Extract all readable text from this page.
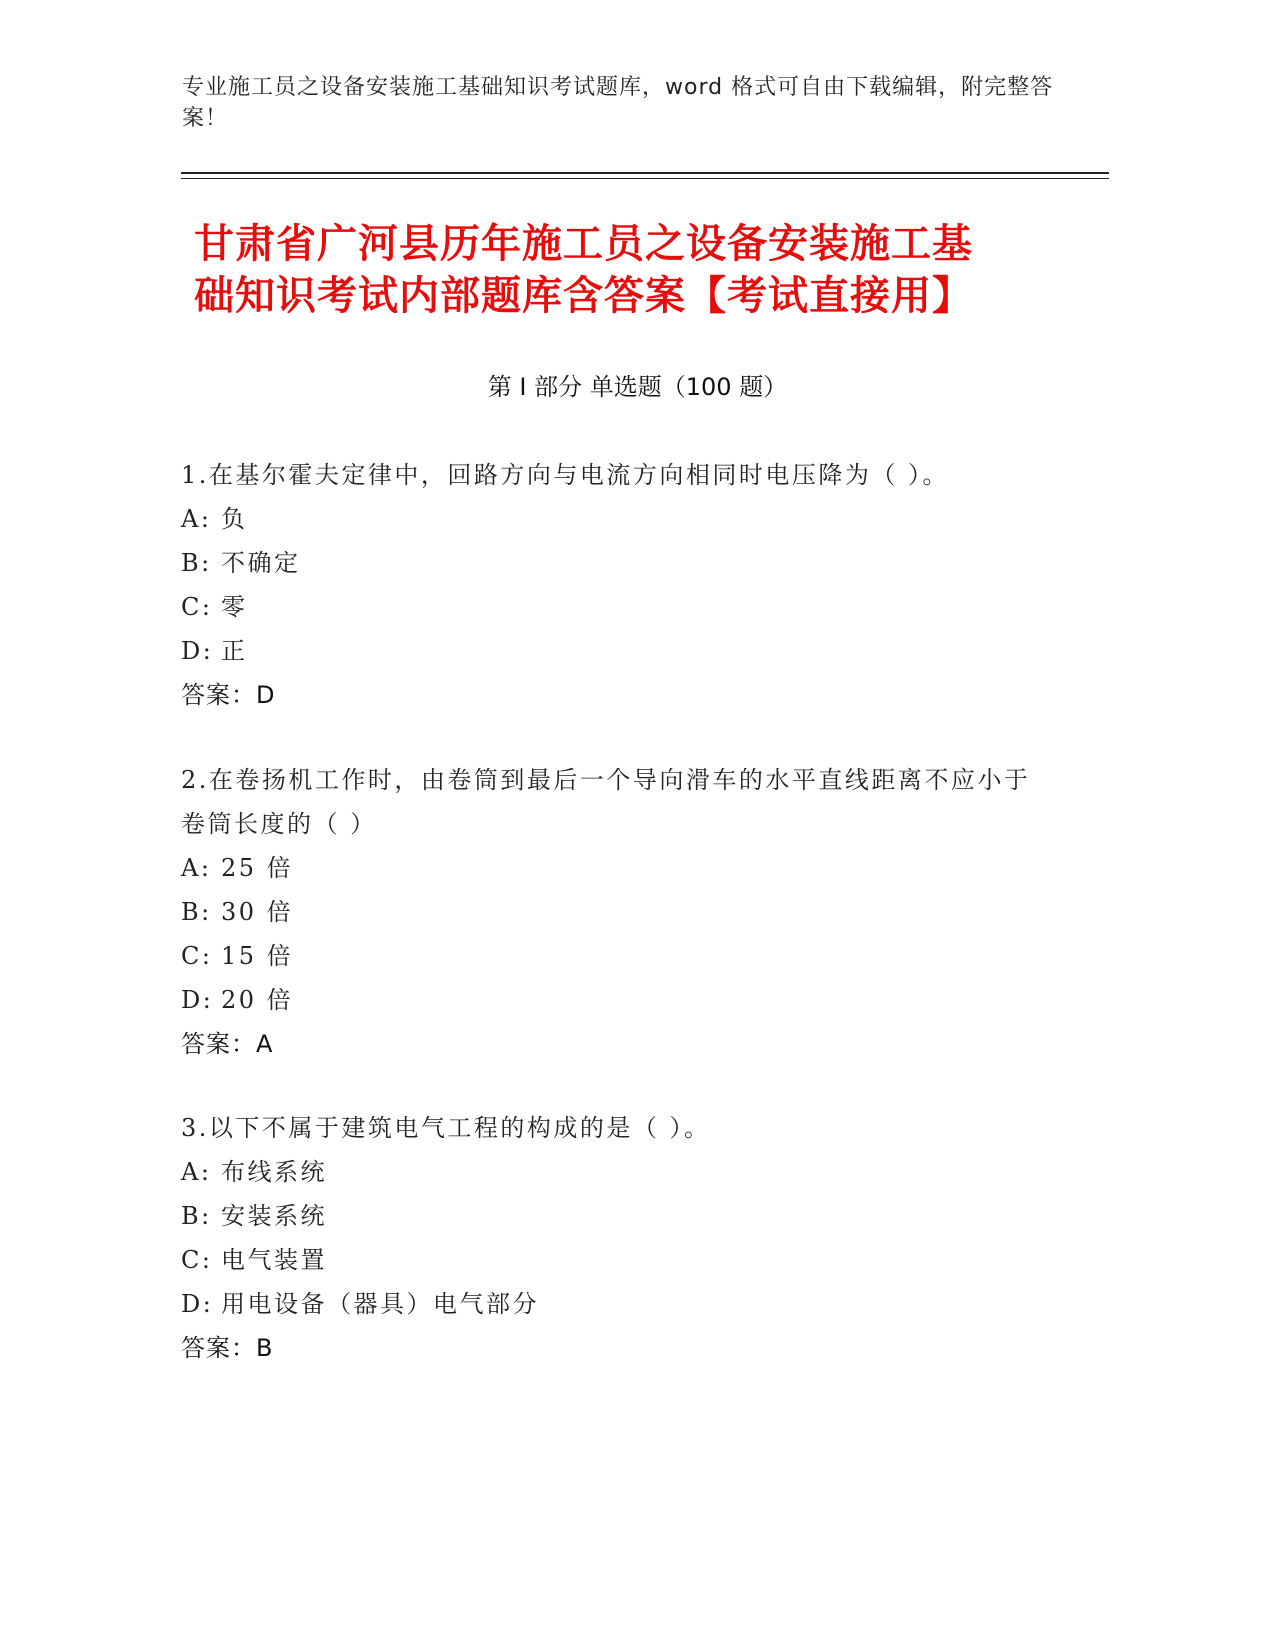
专业施工员之设备安装施工基础知识考试题库，word 格式可自由下载编辑，附完整答案！
甘肃省广河县历年施工员之设备安装施工基
础知识考试内部题库含答案【考试直接用】
第 I 部分 单选题（100 题）

1.在基尔霍夫定律中，回路方向与电流方向相同时电压降为（ ）。

A: 负

B: 不确定

C: 零

D: 正

答案：D

2.在卷扬机工作时，由卷筒到最后一个导向滑车的水平直线距离不应小于卷筒长度的（ ）

A: 25 倍

B: 30 倍

C: 15 倍

D: 20 倍

答案：A

3.以下不属于建筑电气工程的构成的是（ ）。

A: 布线系统

B: 安装系统

C: 电气装置

D: 用电设备（器具）电气部分

答案：B
